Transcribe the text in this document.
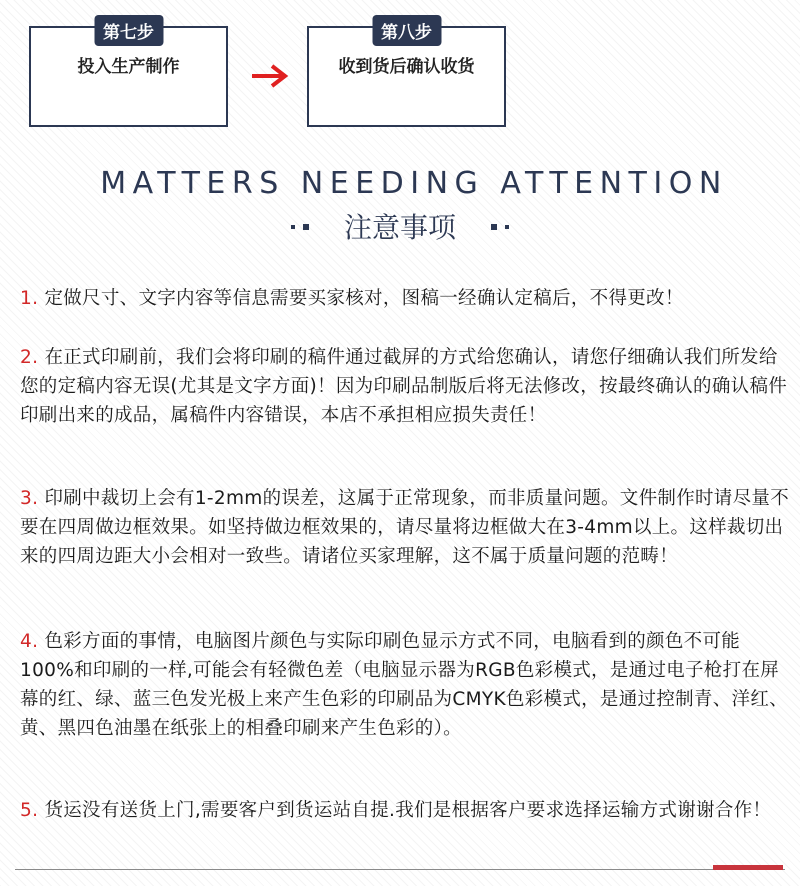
第七步
投入生产制作
第八步
收到货后确认收货
MATTERS NEEDING ATTENTION
注意事项
1. 定做尺寸、文字内容等信息需要买家核对，图稿一经确认定稿后，不得更改！
2. 在正式印刷前，我们会将印刷的稿件通过截屏的方式给您确认，请您仔细确认我们所发给您的定稿内容无误(尤其是文字方面)！因为印刷品制版后将无法修改，按最终确认的确认稿件印刷出来的成品，属稿件内容错误，本店不承担相应损失责任！
3. 印刷中裁切上会有1-2mm的误差，这属于正常现象，而非质量问题。文件制作时请尽量不要在四周做边框效果。如坚持做边框效果的，请尽量将边框做大在3-4mm以上。这样裁切出来的四周边距大小会相对一致些。请诸位买家理解，这不属于质量问题的范畴！
4. 色彩方面的事情，电脑图片颜色与实际印刷色显示方式不同，电脑看到的颜色不可能100%和印刷的一样,可能会有轻微色差（电脑显示器为RGB色彩模式，是通过电子枪打在屏幕的红、绿、蓝三色发光极上来产生色彩的印刷品为CMYK色彩模式，是通过控制青、洋红、黄、黑四色油墨在纸张上的相叠印刷来产生色彩的）。
5. 货运没有送货上门,需要客户到货运站自提.我们是根据客户要求选择运输方式谢谢合作！
